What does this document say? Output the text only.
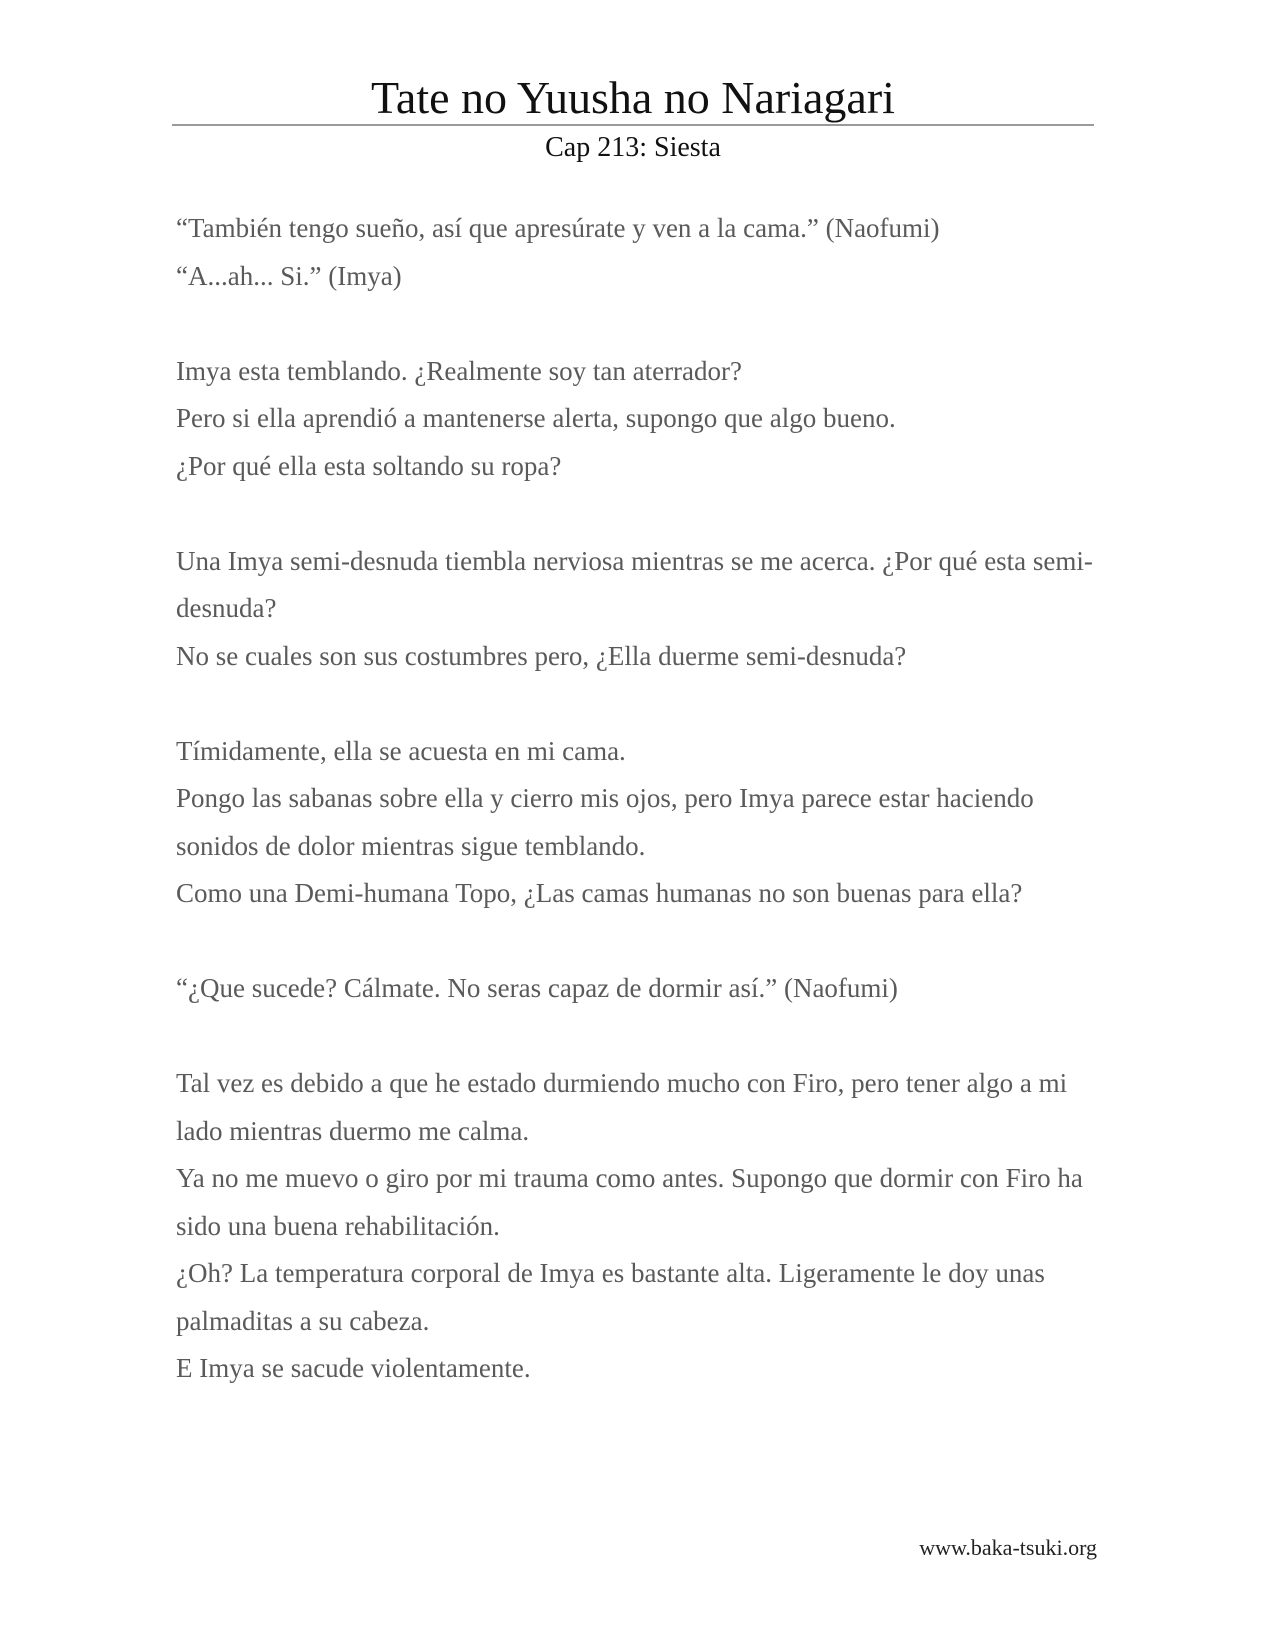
Tate no Yuusha no Nariagari
Cap 213: Siesta

“También tengo sueño, así que apresúrate y ven a la cama.” (Naofumi)
“A...ah... Si.” (Imya)

Imya esta temblando. ¿Realmente soy tan aterrador?
Pero si ella aprendió a mantenerse alerta, supongo que algo bueno.
¿Por qué ella esta soltando su ropa?

Una Imya semi-desnuda tiembla nerviosa mientras se me acerca. ¿Por qué esta semi-desnuda?
No se cuales son sus costumbres pero, ¿Ella duerme semi-desnuda?

Tímidamente, ella se acuesta en mi cama.
Pongo las sabanas sobre ella y cierro mis ojos, pero Imya parece estar haciendo sonidos de dolor mientras sigue temblando.
Como una Demi-humana Topo, ¿Las camas humanas no son buenas para ella?

“¿Que sucede? Cálmate. No seras capaz de dormir así.” (Naofumi)

Tal vez es debido a que he estado durmiendo mucho con Firo, pero tener algo a mi lado mientras duermo me calma.
Ya no me muevo o giro por mi trauma como antes. Supongo que dormir con Firo ha sido una buena rehabilitación.
¿Oh? La temperatura corporal de Imya es bastante alta. Ligeramente le doy unas palmaditas a su cabeza.
E Imya se sacude violentamente.

www.baka-tsuki.org
